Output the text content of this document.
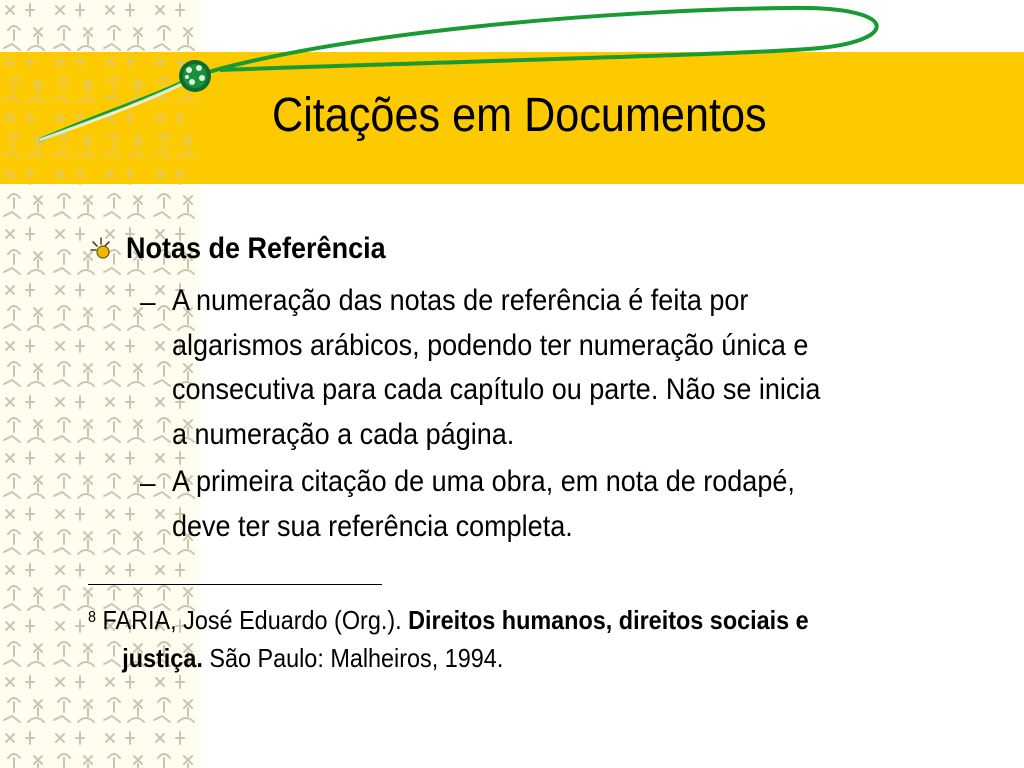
Citações em Documentos
Notas de Referência
– A numeração das notas de referência é feita por
algarismos arábicos, podendo ter numeração única e
consecutiva para cada capítulo ou parte. Não se inicia
a numeração a cada página.
– A primeira citação de uma obra, em nota de rodapé,
deve ter sua referência completa.
$^8$ FARIA, José Eduardo (Org.). Direitos humanos, direitos sociais e
justiça. São Paulo: Malheiros, 1994.
